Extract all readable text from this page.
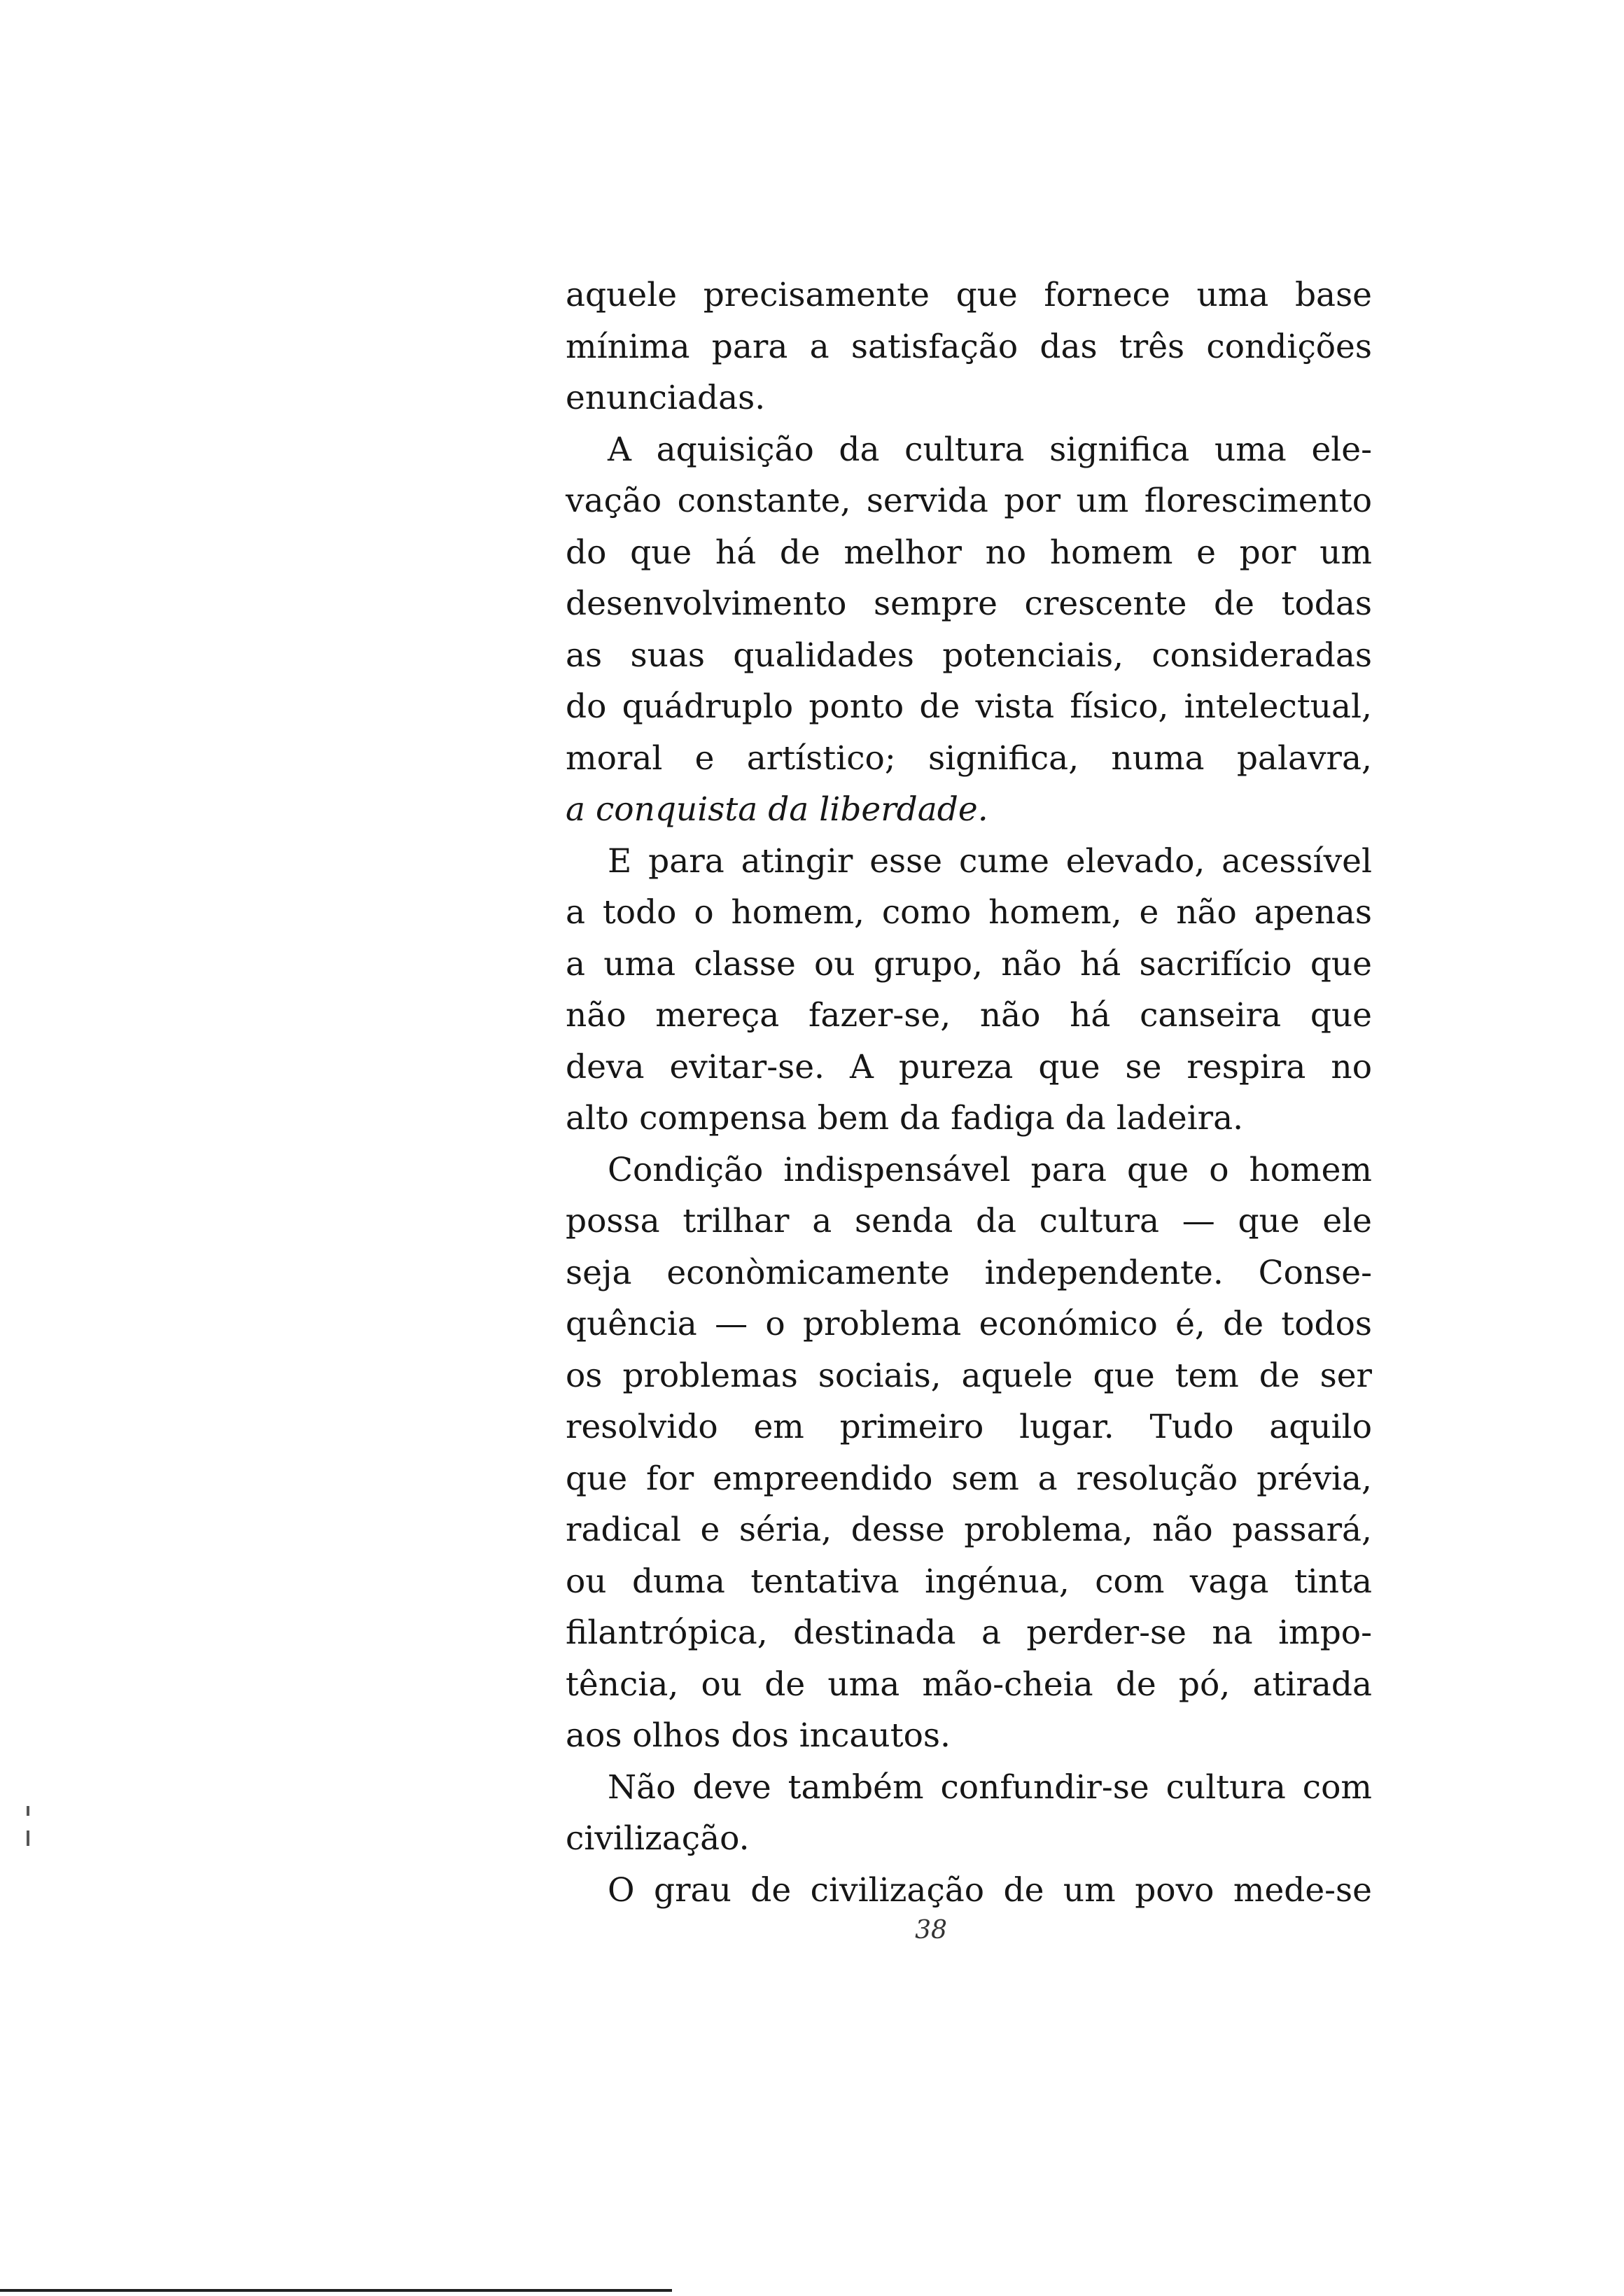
aquele precisamente que fornece uma base
mínima para a satisfação das três condições
enunciadas.
A aquisição da cultura significa uma ele-
vação constante, servida por um florescimento
do que há de melhor no homem e por um
desenvolvimento sempre crescente de todas
as suas qualidades potenciais, consideradas
do quádruplo ponto de vista físico, intelectual,
moral e artístico; significa, numa palavra,
a conquista da liberdade.
E para atingir esse cume elevado, acessível
a todo o homem, como homem, e não apenas
a uma classe ou grupo, não há sacrifício que
não mereça fazer-se, não há canseira que
deva evitar-se. A pureza que se respira no
alto compensa bem da fadiga da ladeira.
Condição indispensável para que o homem
possa trilhar a senda da cultura — que ele
seja econòmicamente independente. Conse-
quência — o problema económico é, de todos
os problemas sociais, aquele que tem de ser
resolvido em primeiro lugar. Tudo aquilo
que for empreendido sem a resolução prévia,
radical e séria, desse problema, não passará,
ou duma tentativa ingénua, com vaga tinta
filantrópica, destinada a perder-se na impo-
tência, ou de uma mão-cheia de pó, atirada
aos olhos dos incautos.
Não deve também confundir-se cultura com
civilização.
O grau de civilização de um povo mede-se
38
